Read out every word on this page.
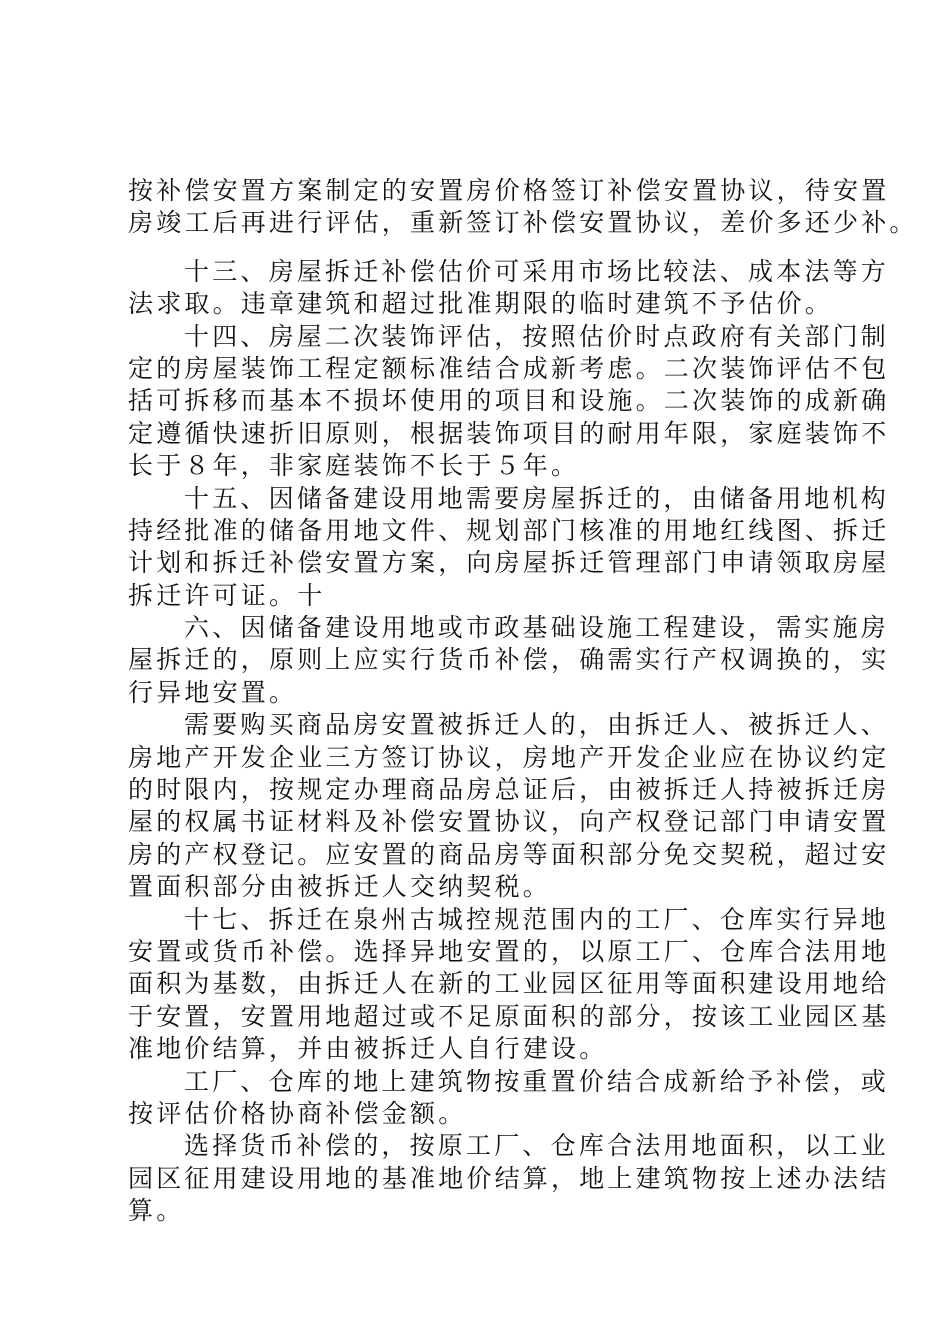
按补偿安置方案制定的安置房价格签订补偿安置协议，待安置
房竣工后再进行评估，重新签订补偿安置协议，差价多还少补。
十三、房屋拆迁补偿估价可采用市场比较法、成本法等方
法求取。违章建筑和超过批准期限的临时建筑不予估价。
十四、房屋二次装饰评估，按照估价时点政府有关部门制
定的房屋装饰工程定额标准结合成新考虑。二次装饰评估不包
括可拆移而基本不损坏使用的项目和设施。二次装饰的成新确
定遵循快速折旧原则，根据装饰项目的耐用年限，家庭装饰不
长于８年，非家庭装饰不长于５年。
十五、因储备建设用地需要房屋拆迁的，由储备用地机构
持经批准的储备用地文件、规划部门核准的用地红线图、拆迁
计划和拆迁补偿安置方案，向房屋拆迁管理部门申请领取房屋
拆迁许可证。十
六、因储备建设用地或市政基础设施工程建设，需实施房
屋拆迁的，原则上应实行货币补偿，确需实行产权调换的，实
行异地安置。
需要购买商品房安置被拆迁人的，由拆迁人、被拆迁人、
房地产开发企业三方签订协议，房地产开发企业应在协议约定
的时限内，按规定办理商品房总证后，由被拆迁人持被拆迁房
屋的权属书证材料及补偿安置协议，向产权登记部门申请安置
房的产权登记。应安置的商品房等面积部分免交契税，超过安
置面积部分由被拆迁人交纳契税。
十七、拆迁在泉州古城控规范围内的工厂、仓库实行异地
安置或货币补偿。选择异地安置的，以原工厂、仓库合法用地
面积为基数，由拆迁人在新的工业园区征用等面积建设用地给
于安置，安置用地超过或不足原面积的部分，按该工业园区基
准地价结算，并由被拆迁人自行建设。
工厂、仓库的地上建筑物按重置价结合成新给予补偿，或
按评估价格协商补偿金额。
选择货币补偿的，按原工厂、仓库合法用地面积，以工业
园区征用建设用地的基准地价结算，地上建筑物按上述办法结
算。
